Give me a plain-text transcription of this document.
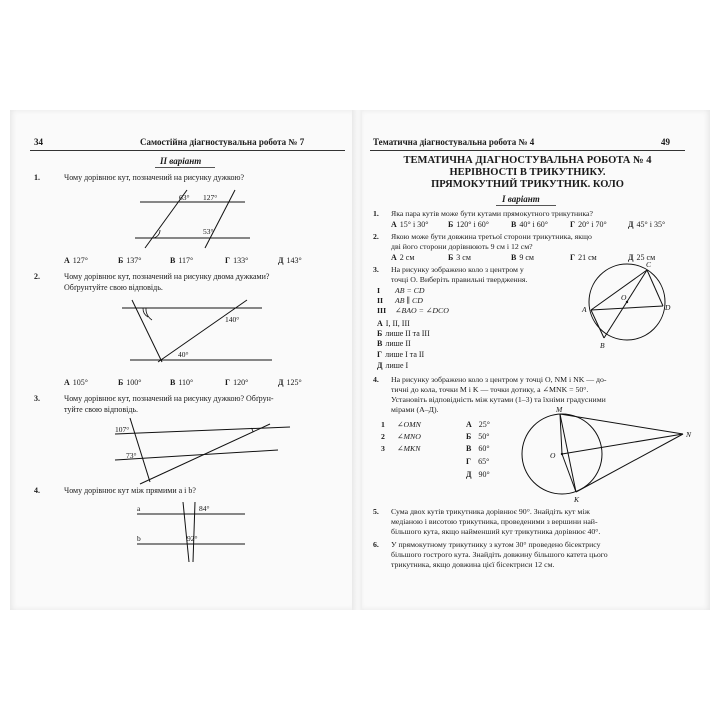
34	Самостійна діагностувальна робота № 7
II варіант
1.	Чому дорівнює кут, позначений на рисунку дужкою?
63° 127°
53°
А 127°	Б 137°	В 117°	Г 133°	Д 143°
2.	Чому дорівнює кут, позначений на рисунку двома дужками?
Обґрунтуйте свою відповідь.
140°
40°
А 105°	Б 100°	В 110°	Г 120°	Д 125°
3.	Чому дорівнює кут, позначений на рисунку дужкою? Обґрун-
туйте свою відповідь.
107°
73°
4.	Чому дорівнює кут між прямими a і b?
a
b
84°
92°
Тематична діагностувальна робота № 4	49
ТЕМАТИЧНА ДІАГНОСТУВАЛЬНА РОБОТА № 4
НЕРІВНОСТІ В ТРИКУТНИКУ.
ПРЯМОКУТНИЙ ТРИКУТНИК. КОЛО
I варіант
1. Яка пара кутів може бути кутами прямокутного трикутника?
А 15° і 30° Б 120° і 60°	В 40° і 60°	Г 20° і 70°	Д 45° і 35°
2. Якою може бути довжина третьої сторони трикутника, якщо
дві його сторони дорівнюють 9 см і 12 см?
А 2 см	Б 3 см	В 9 см	Г 21 см	Д 25 см
3. На рисунку зображено коло з центром у
точці O. Виберіть правильні твердження.
I AB = CD
II AB ∥ CD
III ∠BAO = ∠DCO
А I, II, III
Б лише II та III
В лише II
Г лише I та II
Д лише I
A
B
C
D
O
4. На рисунку зображено коло з центром у точці O, NM і NK — до-
тичні до кола, точки M і K — точки дотику, а ∠MNK = 50°.
Установіть відповідність між кутами (1–3) та їхніми градусними
мірами (А–Д).
1 ∠OMN
2 ∠MNO
3 ∠MKN
А 25°
Б 50°
В 60°
Г 65°
Д 90°
M
N
O
K
5. Сума двох кутів трикутника дорівнює 90°. Знайдіть кут між
медіаною і висотою трикутника, проведеними з вершини най-
більшого кута, якщо найменший кут трикутника дорівнює 40°.
6. У прямокутному трикутнику з кутом 30° проведено бісектрису
більшого гострого кута. Знайдіть довжину більшого катета цього
трикутника, якщо довжина цієї бісектриси 12 см.
